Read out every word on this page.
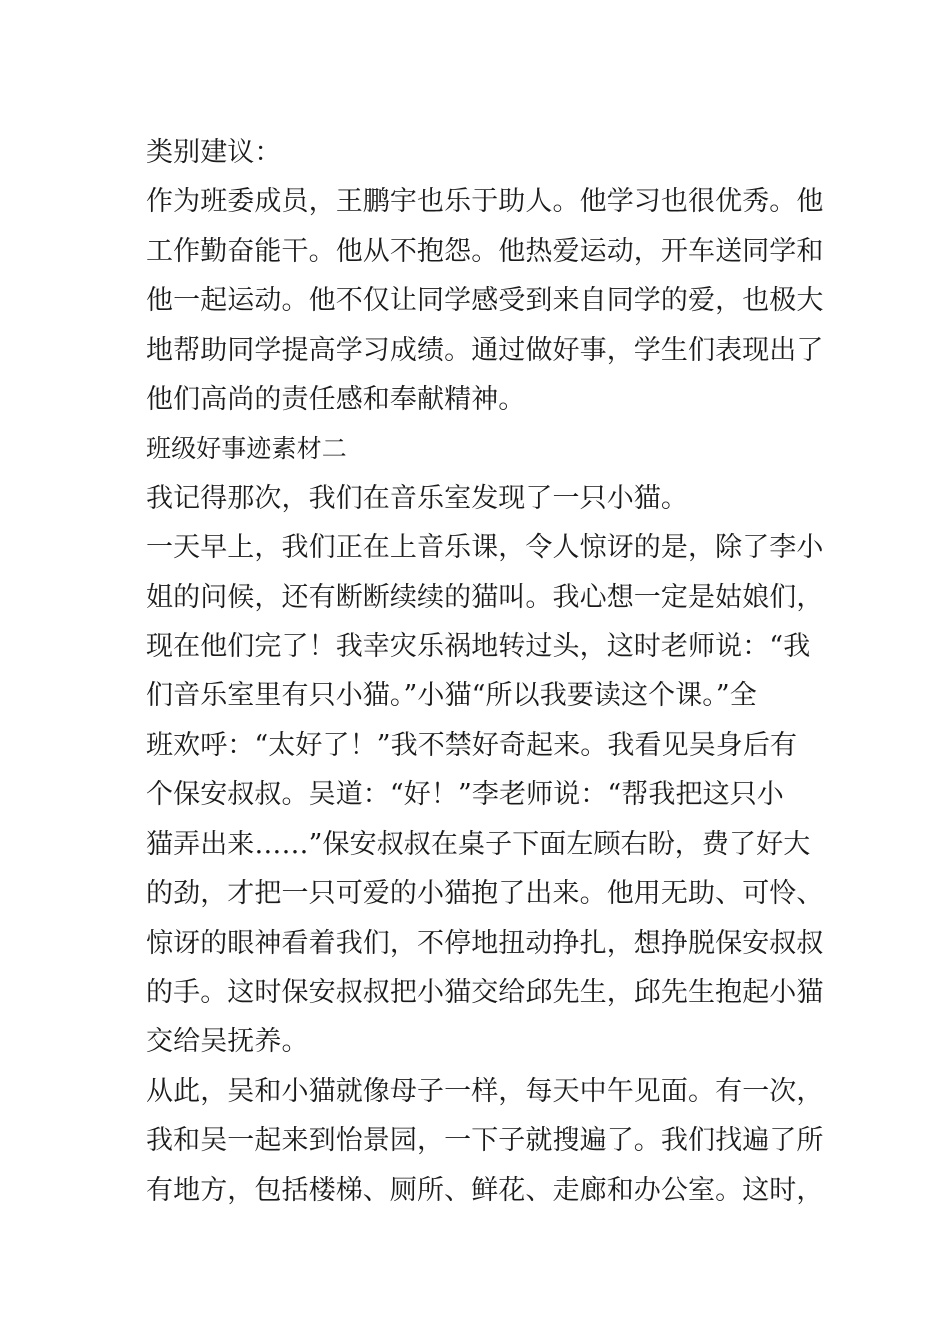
类别建议：
作为班委成员，王鹏宇也乐于助人。他学习也很优秀。他
工作勤奋能干。他从不抱怨。他热爱运动，开车送同学和
他一起运动。他不仅让同学感受到来自同学的爱，也极大
地帮助同学提高学习成绩。通过做好事，学生们表现出了
他们高尚的责任感和奉献精神。
班级好事迹素材二
我记得那次，我们在音乐室发现了一只小猫。
一天早上，我们正在上音乐课，令人惊讶的是，除了李小
姐的问候，还有断断续续的猫叫。我心想一定是姑娘们，
现在他们完了！我幸灾乐祸地转过头，这时老师说：“我
们音乐室里有只小猫。”小猫“所以我要读这个课。”全
班欢呼：“太好了！”我不禁好奇起来。我看见吴身后有
个保安叔叔。吴道：“好！”李老师说：“帮我把这只小
猫弄出来……”保安叔叔在桌子下面左顾右盼，费了好大
的劲，才把一只可爱的小猫抱了出来。他用无助、可怜、
惊讶的眼神看着我们，不停地扭动挣扎，想挣脱保安叔叔
的手。这时保安叔叔把小猫交给邱先生，邱先生抱起小猫
交给吴抚养。
从此，吴和小猫就像母子一样，每天中午见面。有一次，
我和吴一起来到怡景园，一下子就搜遍了。我们找遍了所
有地方，包括楼梯、厕所、鲜花、走廊和办公室。这时，
